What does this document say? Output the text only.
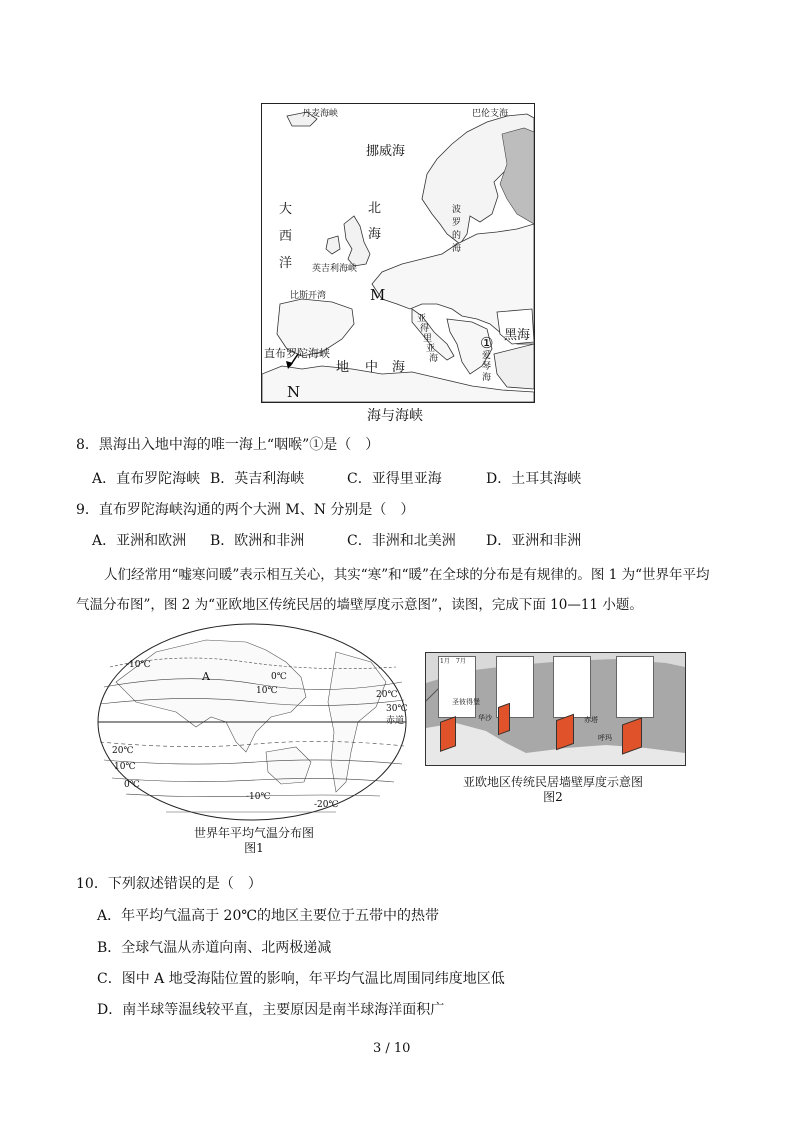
丹麦海峡	巴伦支海
挪威海
大
西
洋
北
海
波
罗
的
海
英吉利海峡
比斯开湾	M
直布罗陀海峡
N
地 中 海
亚
得
里
亚
海
① 黑海
爱
琴
海
海与海峡
8．黑海出入地中海的唯一海上“咽喉”①是（　）
A．直布罗陀海峡 B．英吉利海峡	C．亚得里亚海	D．土耳其海峡
9．直布罗陀海峡沟通的两个大洲 M、N 分别是（　）
A．亚洲和欧洲 B．欧洲和非洲	C．非洲和北美洲 D．亚洲和非洲
人们经常用“嘘寒问暖”表示相互关心，其实“寒”和“暖”在全球的分布是有规律的。图 1 为“世界年平均
气温分布图”，图 2 为“亚欧地区传统民居的墙壁厚度示意图”，读图，完成下面 10—11 小题。
-10℃
0℃
10℃	20℃
30℃
20℃
10℃
0℃
-10℃
-20℃
A
赤道
世界年平均气温分布图
图1
圣彼得堡
华沙	赤塔
呼玛
1月 7月
亚欧地区传统民居墙壁厚度示意图
图2
10．下列叙述错误的是（　）
A．年平均气温高于 20℃的地区主要位于五带中的热带
B．全球气温从赤道向南、北两极递减
C．图中 A 地受海陆位置的影响，年平均气温比周围同纬度地区低
D．南半球等温线较平直，主要原因是南半球海洋面积广
3 / 10
